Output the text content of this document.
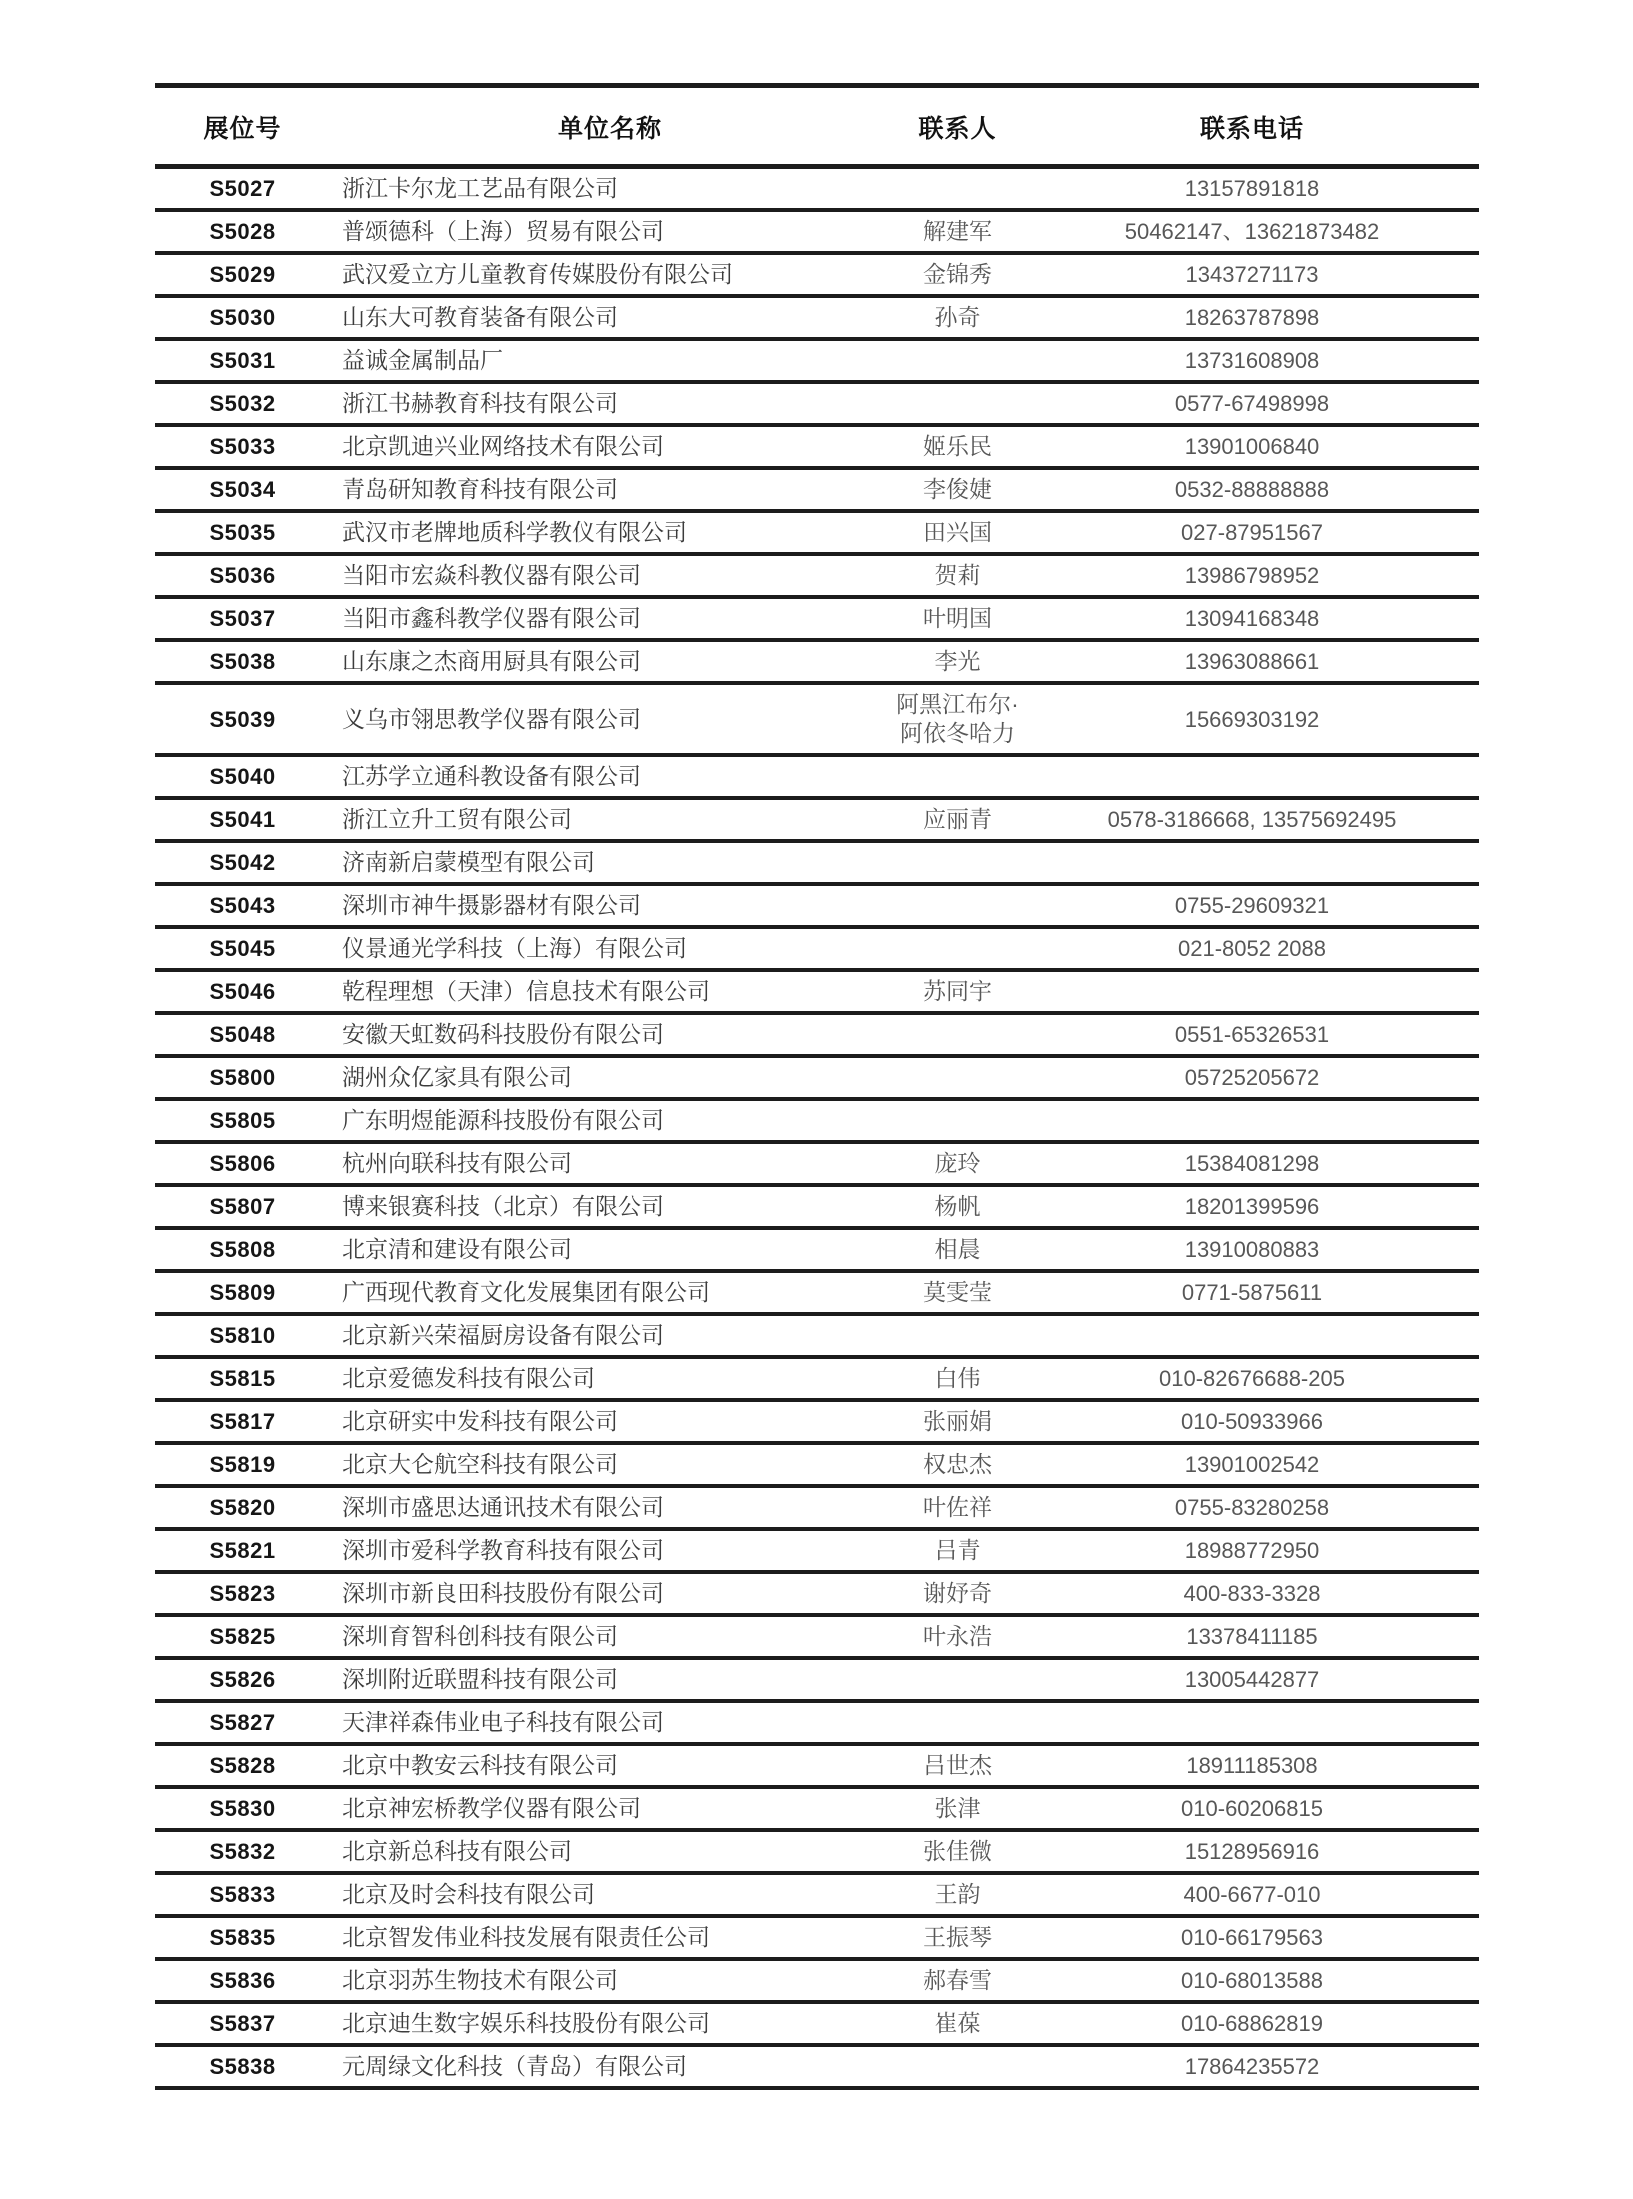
展位号	单位名称	联系人	联系电话
S5027	浙江卡尔龙工艺品有限公司		13157891818
S5028	普颂德科（上海）贸易有限公司	解建军	50462147、13621873482
S5029	武汉爱立方儿童教育传媒股份有限公司	金锦秀	13437271173
S5030	山东大可教育装备有限公司	孙奇	18263787898
S5031	益诚金属制品厂		13731608908
S5032	浙江书赫教育科技有限公司		0577-67498998
S5033	北京凯迪兴业网络技术有限公司	姬乐民	13901006840
S5034	青岛研知教育科技有限公司	李俊婕	0532-88888888
S5035	武汉市老牌地质科学教仪有限公司	田兴国	027-87951567
S5036	当阳市宏焱科教仪器有限公司	贺莉	13986798952
S5037	当阳市鑫科教学仪器有限公司	叶明国	13094168348
S5038	山东康之杰商用厨具有限公司	李光	13963088661
S5039	义乌市翎思教学仪器有限公司	阿黑江布尔·阿依冬哈力	15669303192
S5040	江苏学立通科教设备有限公司		
S5041	浙江立升工贸有限公司	应丽青	0578-3186668, 13575692495
S5042	济南新启蒙模型有限公司		
S5043	深圳市神牛摄影器材有限公司		0755-29609321
S5045	仪景通光学科技（上海）有限公司		021-8052 2088
S5046	乾程理想（天津）信息技术有限公司	苏同宇	
S5048	安徽天虹数码科技股份有限公司		0551-65326531
S5800	湖州众亿家具有限公司		05725205672
S5805	广东明煜能源科技股份有限公司		
S5806	杭州向联科技有限公司	庞玲	15384081298
S5807	博来银赛科技（北京）有限公司	杨帆	18201399596
S5808	北京清和建设有限公司	相晨	13910080883
S5809	广西现代教育文化发展集团有限公司	莫雯莹	0771-5875611
S5810	北京新兴荣福厨房设备有限公司		
S5815	北京爱德发科技有限公司	白伟	010-82676688-205
S5817	北京研实中发科技有限公司	张丽娟	010-50933966
S5819	北京大仑航空科技有限公司	权忠杰	13901002542
S5820	深圳市盛思达通讯技术有限公司	叶佐祥	0755-83280258
S5821	深圳市爱科学教育科技有限公司	吕青	18988772950
S5823	深圳市新良田科技股份有限公司	谢妤奇	400-833-3328
S5825	深圳育智科创科技有限公司	叶永浩	13378411185
S5826	深圳附近联盟科技有限公司		13005442877
S5827	天津祥森伟业电子科技有限公司		
S5828	北京中教安云科技有限公司	吕世杰	18911185308
S5830	北京神宏桥教学仪器有限公司	张津	010-60206815
S5832	北京新总科技有限公司	张佳微	15128956916
S5833	北京及时会科技有限公司	王韵	400-6677-010
S5835	北京智发伟业科技发展有限责任公司	王振琴	010-66179563
S5836	北京羽苏生物技术有限公司	郝春雪	010-68013588
S5837	北京迪生数字娱乐科技股份有限公司	崔葆	010-68862819
S5838	元周绿文化科技（青岛）有限公司		17864235572
